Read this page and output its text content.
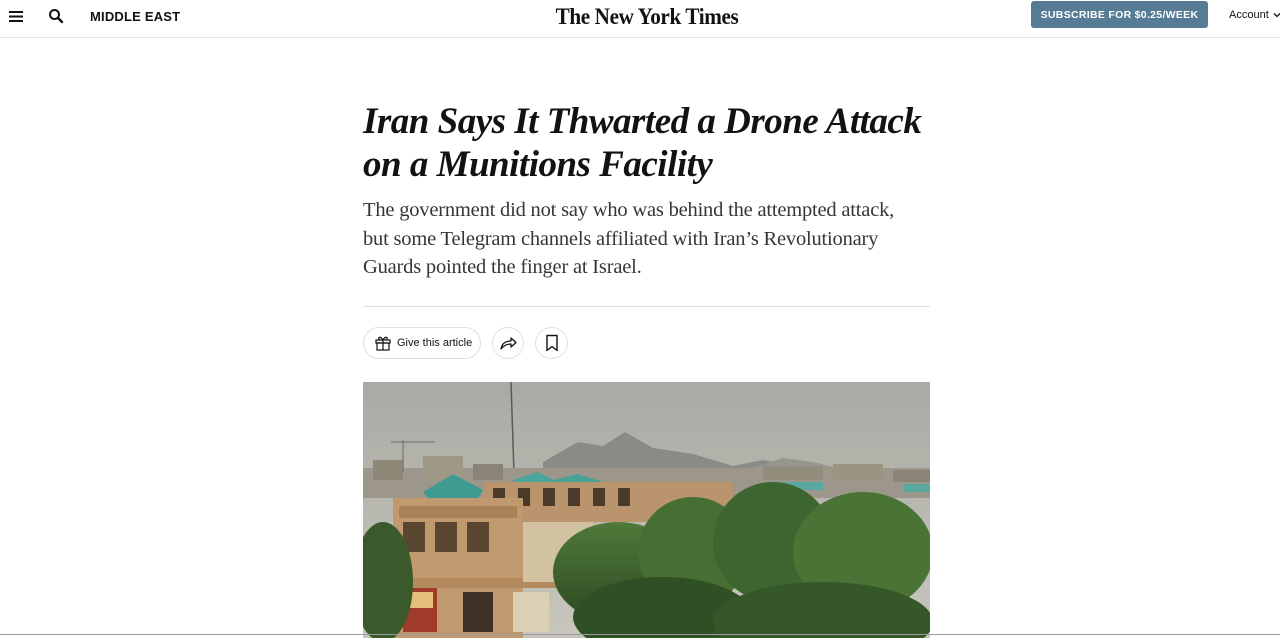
MIDDLE EAST	The New York Times	SUBSCRIBE FOR $0.25/WEEK	Account
Iran Says It Thwarted a Drone Attack on a Munitions Facility

The government did not say who was behind the attempted attack, but some Telegram channels affiliated with Iran’s Revolutionary Guards pointed the finger at Israel.

Give this article
